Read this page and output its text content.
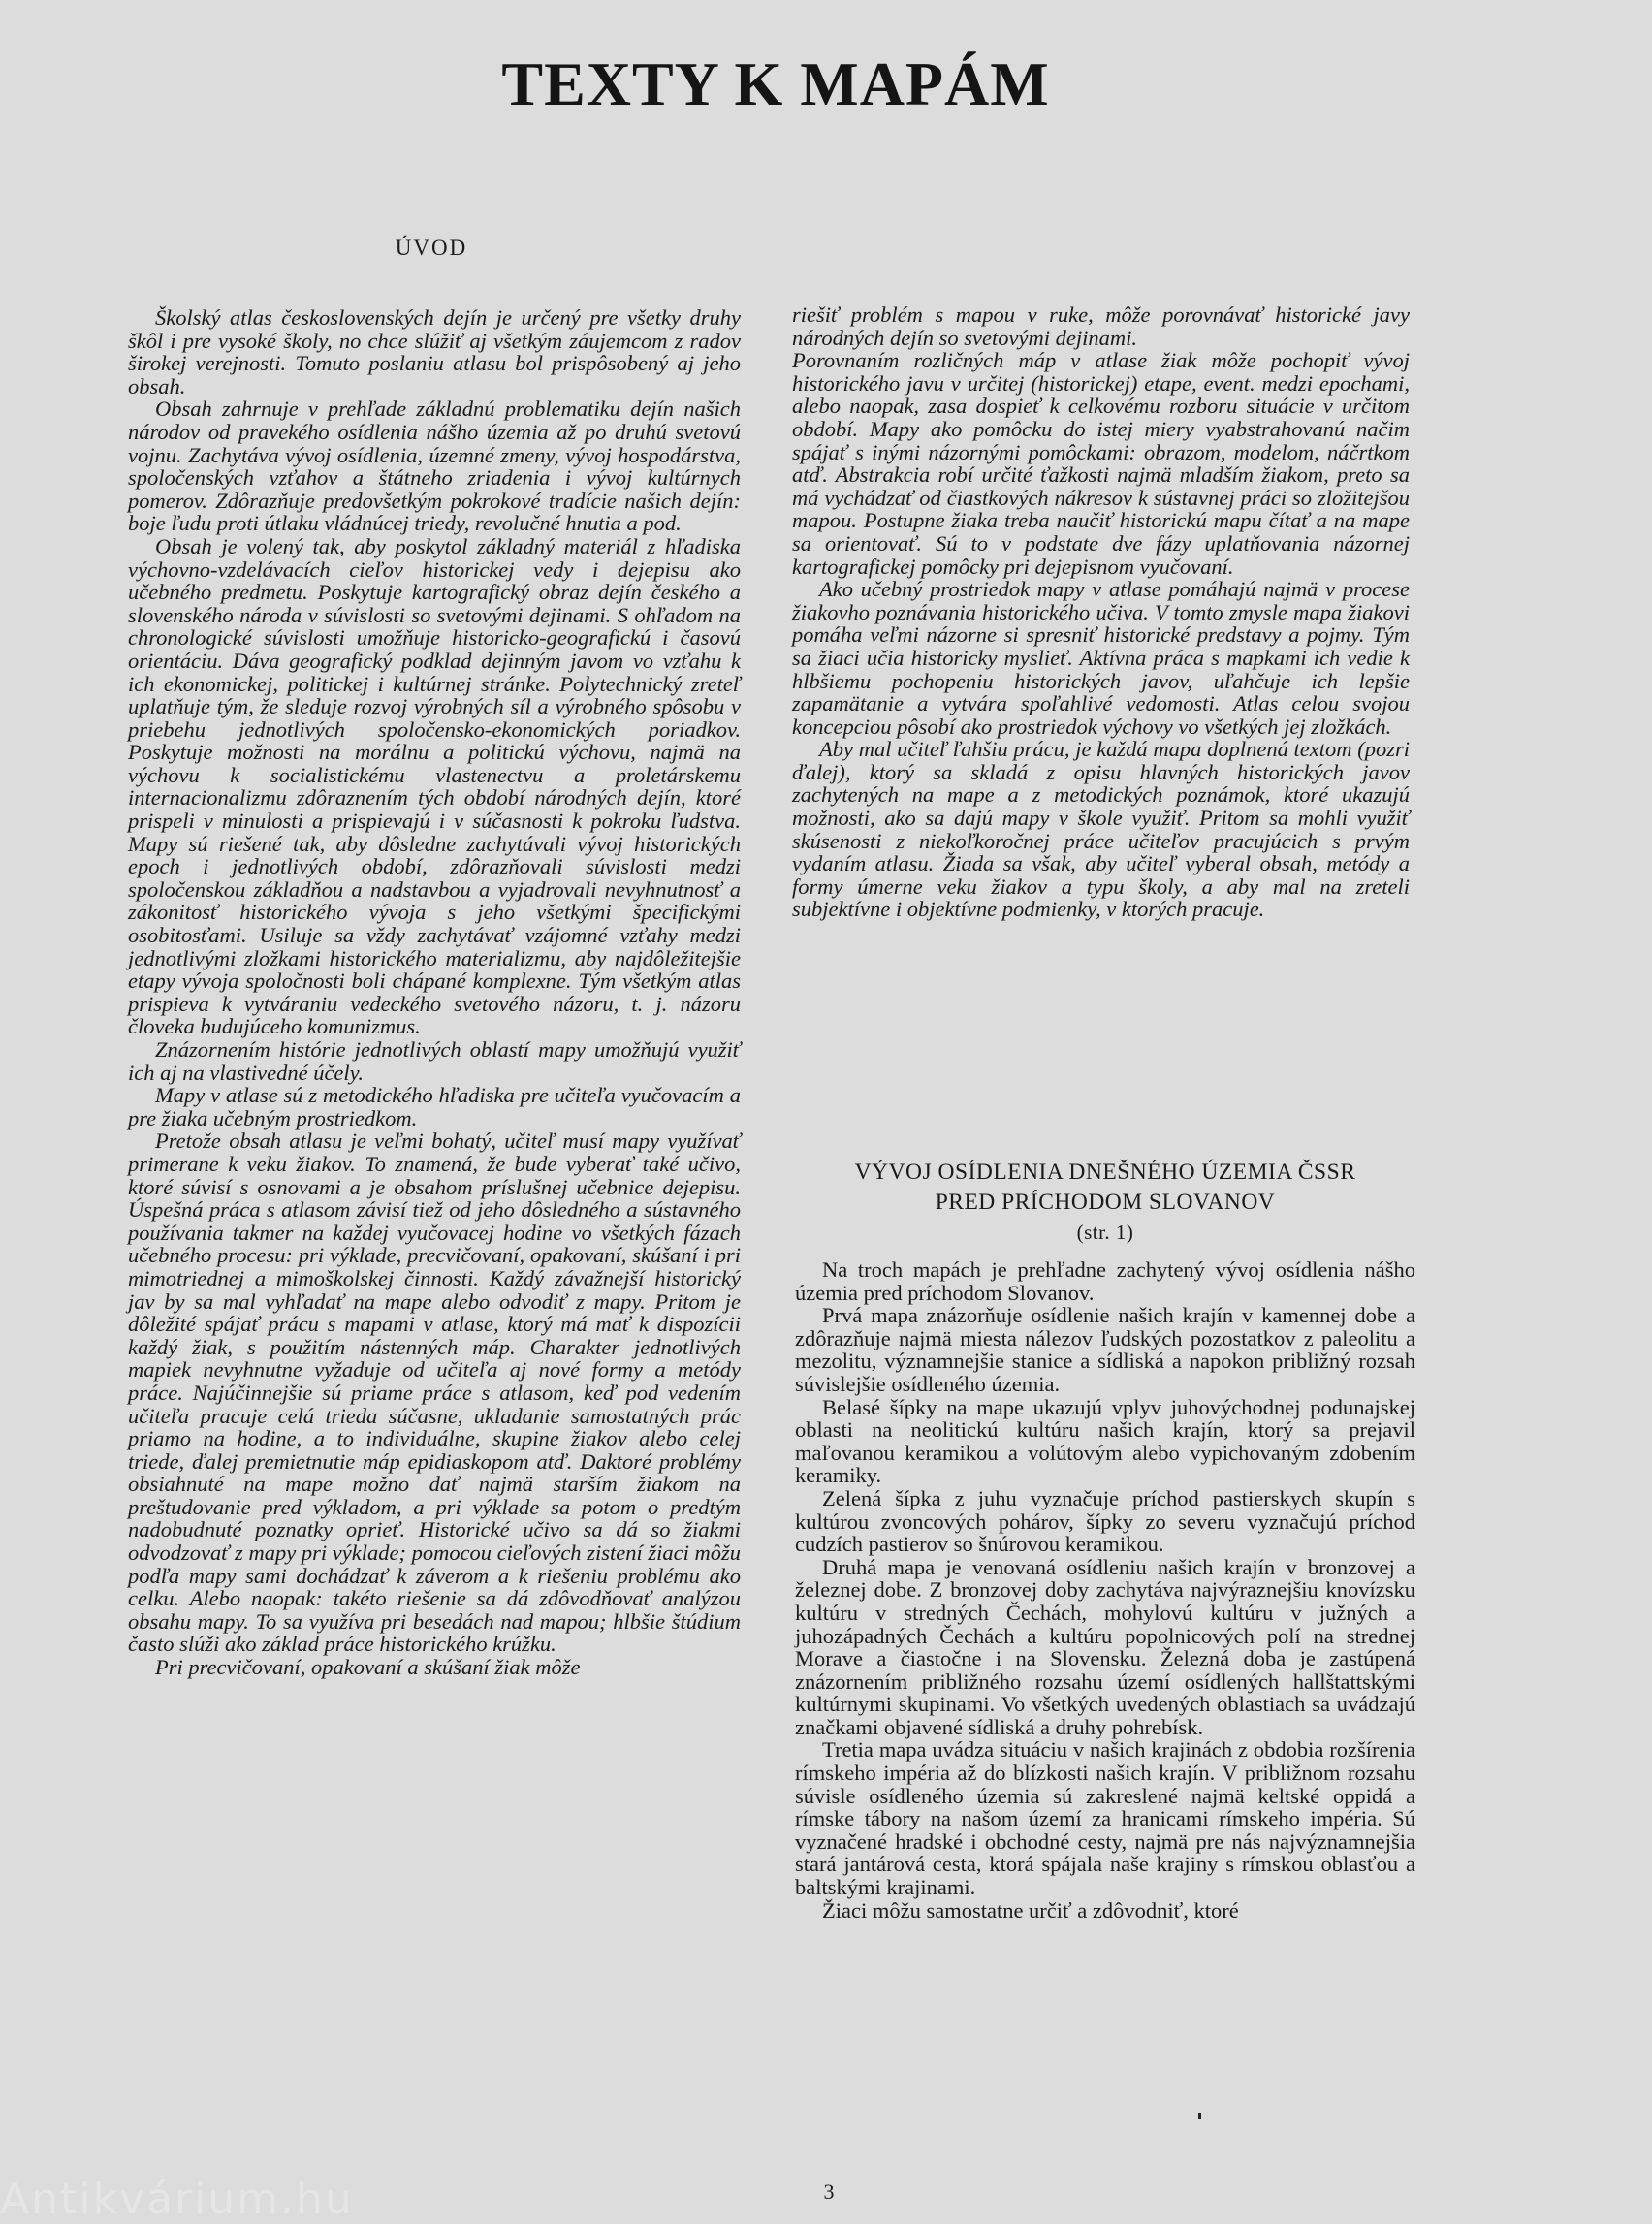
TEXTY K MAPÁM
ÚVOD

Školský atlas československých dejín je určený pre všetky druhy škôl i pre vysoké školy, no chce slúžiť aj všetkým záujemcom z radov širokej verejnosti. Tomuto poslaniu atlasu bol prispôsobený aj jeho obsah.

Obsah zahrnuje v prehľade základnú problematiku dejín našich národov od pravekého osídlenia nášho územia až po druhú svetovú vojnu. Zachytáva vývoj osídlenia, územné zmeny, vývoj hospodárstva, spoločenských vzťahov a štátneho zriadenia i vývoj kultúrnych pomerov. Zdôrazňuje predovšetkým pokrokové tradície našich dejín: boje ľudu proti útlaku vládnúcej triedy, revolučné hnutia a pod.

Obsah je volený tak, aby poskytol základný materiál z hľadiska výchovno-vzdelávacích cieľov historickej vedy i dejepisu ako učebného predmetu. Poskytuje kartografický obraz dejín českého a slovenského národa v súvislosti so svetovými dejinami. S ohľadom na chronologické súvislosti umožňuje historicko-geografickú i časovú orientáciu. Dáva geografický podklad dejinným javom vo vzťahu k ich ekonomickej, politickej i kultúrnej stránke. Polytechnický zreteľ uplatňuje tým, že sleduje rozvoj výrobných síl a výrobného spôsobu v priebehu jednotlivých spoločensko-ekonomických poriadkov. Poskytuje možnosti na morálnu a politickú výchovu, najmä na výchovu k socialistickému vlastenectvu a proletárskemu internacionalizmu zdôraznením tých období národných dejín, ktoré prispeli v minulosti a prispievajú i v súčasnosti k pokroku ľudstva. Mapy sú riešené tak, aby dôsledne zachytávali vývoj historických epoch i jednotlivých období, zdôrazňovali súvislosti medzi spoločenskou základňou a nadstavbou a vyjadrovali nevyhnutnosť a zákonitosť historického vývoja s jeho všetkými špecifickými osobitosťami. Usiluje sa vždy zachytávať vzájomné vzťahy medzi jednotlivými zložkami historického materializmu, aby najdôležitejšie etapy vývoja spoločnosti boli chápané komplexne. Tým všetkým atlas prispieva k vytváraniu vedeckého svetového názoru, t. j. názoru človeka budujúceho komunizmus.

Znázornením histórie jednotlivých oblastí mapy umožňujú využiť ich aj na vlastivedné účely.

Mapy v atlase sú z metodického hľadiska pre učiteľa vyučovacím a pre žiaka učebným prostriedkom.

Pretože obsah atlasu je veľmi bohatý, učiteľ musí mapy využívať primerane k veku žiakov. To znamená, že bude vyberať také učivo, ktoré súvisí s osnovami a je obsahom príslušnej učebnice dejepisu. Úspešná práca s atlasom závisí tiež od jeho dôsledného a sústavného používania takmer na každej vyučovacej hodine vo všetkých fázach učebného procesu: pri výklade, precvičovaní, opakovaní, skúšaní i pri mimotriednej a mimoškolskej činnosti. Každý závažnejší historický jav by sa mal vyhľadať na mape alebo odvodiť z mapy. Pritom je dôležité spájať prácu s mapami v atlase, ktorý má mať k dispozícii každý žiak, s použitím nástenných máp. Charakter jednotlivých mapiek nevyhnutne vyžaduje od učiteľa aj nové formy a metódy práce. Najúčinnejšie sú priame práce s atlasom, keď pod vedením učiteľa pracuje celá trieda súčasne, ukladanie samostatných prác priamo na hodine, a to individuálne, skupine žiakov alebo celej triede, ďalej premietnutie máp epidiaskopom atď. Daktoré problémy obsiahnuté na mape možno dať najmä starším žiakom na preštudovanie pred výkladom, a pri výklade sa potom o predtým nadobudnuté poznatky oprieť. Historické učivo sa dá so žiakmi odvodzovať z mapy pri výklade; pomocou cieľových zistení žiaci môžu podľa mapy sami dochádzať k záverom a k riešeniu problému ako celku. Alebo naopak: takéto riešenie sa dá zdôvodňovať analýzou obsahu mapy. To sa využíva pri besedách nad mapou; hlbšie štúdium často slúži ako základ práce historického krúžku.

Pri precvičovaní, opakovaní a skúšaní žiak môže

riešiť problém s mapou v ruke, môže porovnávať historické javy národných dejín so svetovými dejinami.

Porovnaním rozličných máp v atlase žiak môže pochopiť vývoj historického javu v určitej (historickej) etape, event. medzi epochami, alebo naopak, zasa dospieť k celkovému rozboru situácie v určitom období. Mapy ako pomôcku do istej miery vyabstrahovanú načim spájať s inými názornými pomôckami: obrazom, modelom, náčrtkom atď. Abstrakcia robí určité ťažkosti najmä mladším žiakom, preto sa má vychádzať od čiastkových nákresov k sústavnej práci so zložitejšou mapou. Postupne žiaka treba naučiť historickú mapu čítať a na mape sa orientovať. Sú to v podstate dve fázy uplatňovania názornej kartografickej pomôcky pri dejepisnom vyučovaní.

Ako učebný prostriedok mapy v atlase pomáhajú najmä v procese žiakovho poznávania historického učiva. V tomto zmysle mapa žiakovi pomáha veľmi názorne si spresniť historické predstavy a pojmy. Tým sa žiaci učia historicky myslieť. Aktívna práca s mapkami ich vedie k hlbšiemu pochopeniu historických javov, uľahčuje ich lepšie zapamätanie a vytvára spoľahlivé vedomosti. Atlas celou svojou koncepciou pôsobí ako prostriedok výchovy vo všetkých jej zložkách.

Aby mal učiteľ ľahšiu prácu, je každá mapa doplnená textom (pozri ďalej), ktorý sa skladá z opisu hlavných historických javov zachytených na mape a z metodických poznámok, ktoré ukazujú možnosti, ako sa dajú mapy v škole využiť. Pritom sa mohli využiť skúsenosti z niekoľkoročnej práce učiteľov pracujúcich s prvým vydaním atlasu. Žiada sa však, aby učiteľ vyberal obsah, metódy a formy úmerne veku žiakov a typu školy, a aby mal na zreteli subjektívne i objektívne podmienky, v ktorých pracuje.

VÝVOJ OSÍDLENIA DNEŠNÉHO ÚZEMIA ČSSR
PRED PRÍCHODOM SLOVANOV
(str. 1)

Na troch mapách je prehľadne zachytený vývoj osídlenia nášho územia pred príchodom Slovanov.

Prvá mapa znázorňuje osídlenie našich krajín v kamennej dobe a zdôrazňuje najmä miesta nálezov ľudských pozostatkov z paleolitu a mezolitu, významnejšie stanice a sídliská a napokon približný rozsah súvislejšie osídleného územia.

Belasé šípky na mape ukazujú vplyv juhovýchodnej podunajskej oblasti na neolitickú kultúru našich krajín, ktorý sa prejavil maľovanou keramikou a volútovým alebo vypichovaným zdobením keramiky.

Zelená šípka z juhu vyznačuje príchod pastierskych skupín s kultúrou zvoncových pohárov, šípky zo severu vyznačujú príchod cudzích pastierov so šnúrovou keramikou.

Druhá mapa je venovaná osídleniu našich krajín v bronzovej a železnej dobe. Z bronzovej doby zachytáva najvýraznejšiu knovízsku kultúru v stredných Čechách, mohylovú kultúru v južných a juhozápadných Čechách a kultúru popolnicových polí na strednej Morave a čiastočne i na Slovensku. Železná doba je zastúpená znázornením približného rozsahu území osídlených hallštattskými kultúrnymi skupinami. Vo všetkých uvedených oblastiach sa uvádzajú značkami objavené sídliská a druhy pohrebísk.

Tretia mapa uvádza situáciu v našich krajinách z obdobia rozšírenia rímskeho impéria až do blízkosti našich krajín. V približnom rozsahu súvisle osídleného územia sú zakreslené najmä keltské oppidá a rímske tábory na našom území za hranicami rímskeho impéria. Sú vyznačené hradské i obchodné cesty, najmä pre nás najvýznamnejšia stará jantárová cesta, ktorá spájala naše krajiny s rímskou oblasťou a baltskými krajinami.

Žiaci môžu samostatne určiť a zdôvodniť, ktoré

Antikvárium.hu	3
